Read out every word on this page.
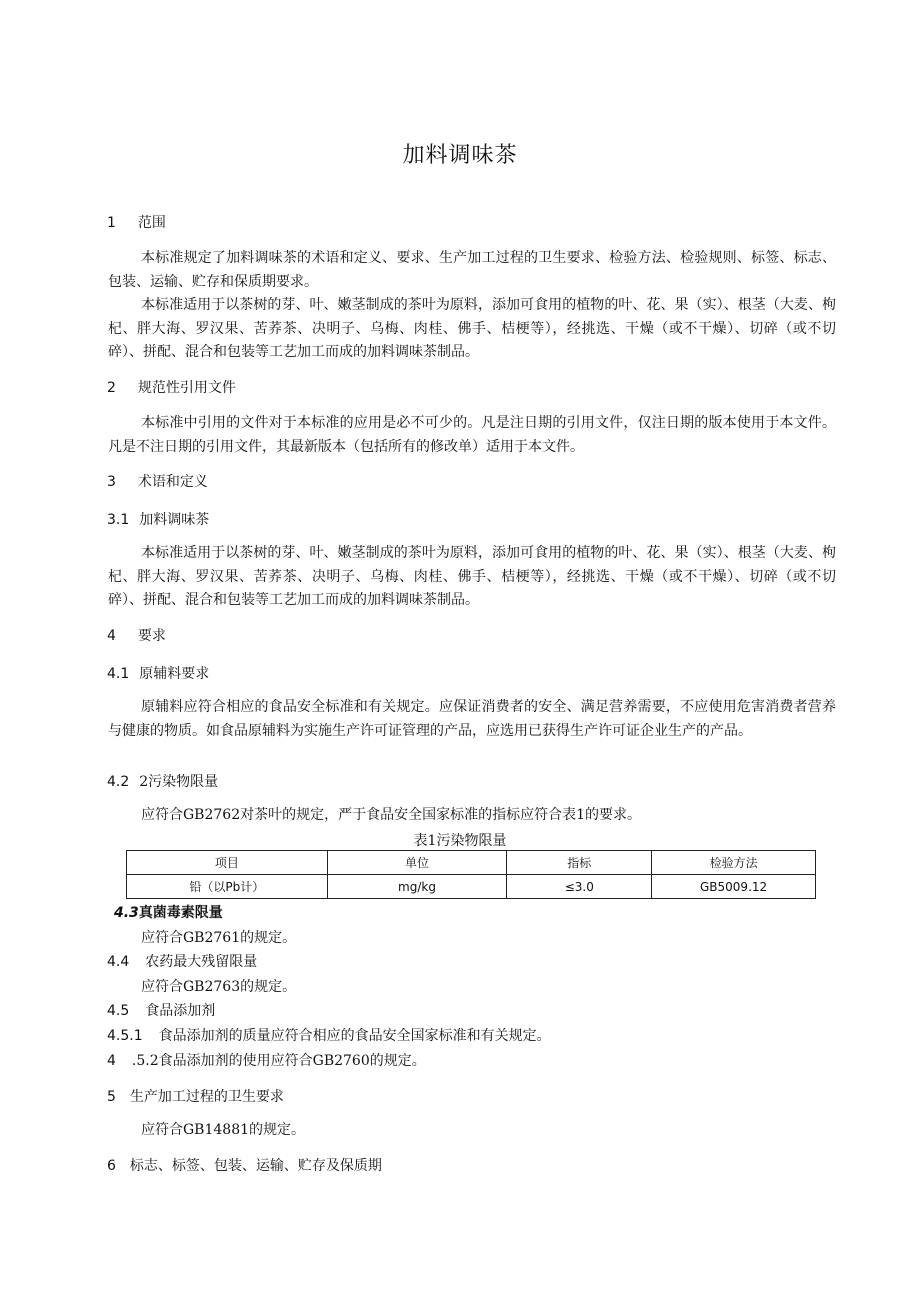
加料调味茶
1 范围
本标准规定了加料调味茶的术语和定义、要求、生产加工过程的卫生要求、检验方法、检验规则、标签、标志、包装、运输、贮存和保质期要求。
本标准适用于以茶树的芽、叶、嫩茎制成的茶叶为原料，添加可食用的植物的叶、花、果（实）、根茎（大麦、枸杞、胖大海、罗汉果、苦荞茶、决明子、乌梅、肉桂、佛手、桔梗等），经挑选、干燥（或不干燥）、切碎（或不切碎）、拼配、混合和包装等工艺加工而成的加料调味茶制品。
2 规范性引用文件
本标准中引用的文件对于本标准的应用是必不可少的。凡是注日期的引用文件，仅注日期的版本使用于本文件。凡是不注日期的引用文件，其最新版本（包括所有的修改单）适用于本文件。
3 术语和定义
3.1 加料调味茶
本标准适用于以茶树的芽、叶、嫩茎制成的茶叶为原料，添加可食用的植物的叶、花、果（实）、根茎（大麦、枸杞、胖大海、罗汉果、苦荞茶、决明子、乌梅、肉桂、佛手、桔梗等），经挑选、干燥（或不干燥）、切碎（或不切碎）、拼配、混合和包装等工艺加工而成的加料调味茶制品。
4 要求
4.1 原辅料要求
原辅料应符合相应的食品安全标准和有关规定。应保证消费者的安全、满足营养需要，不应使用危害消费者营养与健康的物质。如食品原辅料为实施生产许可证管理的产品，应选用已获得生产许可证企业生产的产品。
4.2 2污染物限量
应符合GB2762对茶叶的规定，严于食品安全国家标准的指标应符合表1的要求。
表1污染物限量
项目	单位	指标	检验方法
铅（以Pb计）	mg/kg	≤3.0	GB5009.12
4.3真菌毒素限量
应符合GB2761的规定。
4.4 农药最大残留限量
应符合GB2763的规定。
4.5 食品添加剂
4.5.1 食品添加剂的质量应符合相应的食品安全国家标准和有关规定。
4 .5.2食品添加剂的使用应符合GB2760的规定。
5 生产加工过程的卫生要求
应符合GB14881的规定。
6 标志、标签、包装、运输、贮存及保质期
